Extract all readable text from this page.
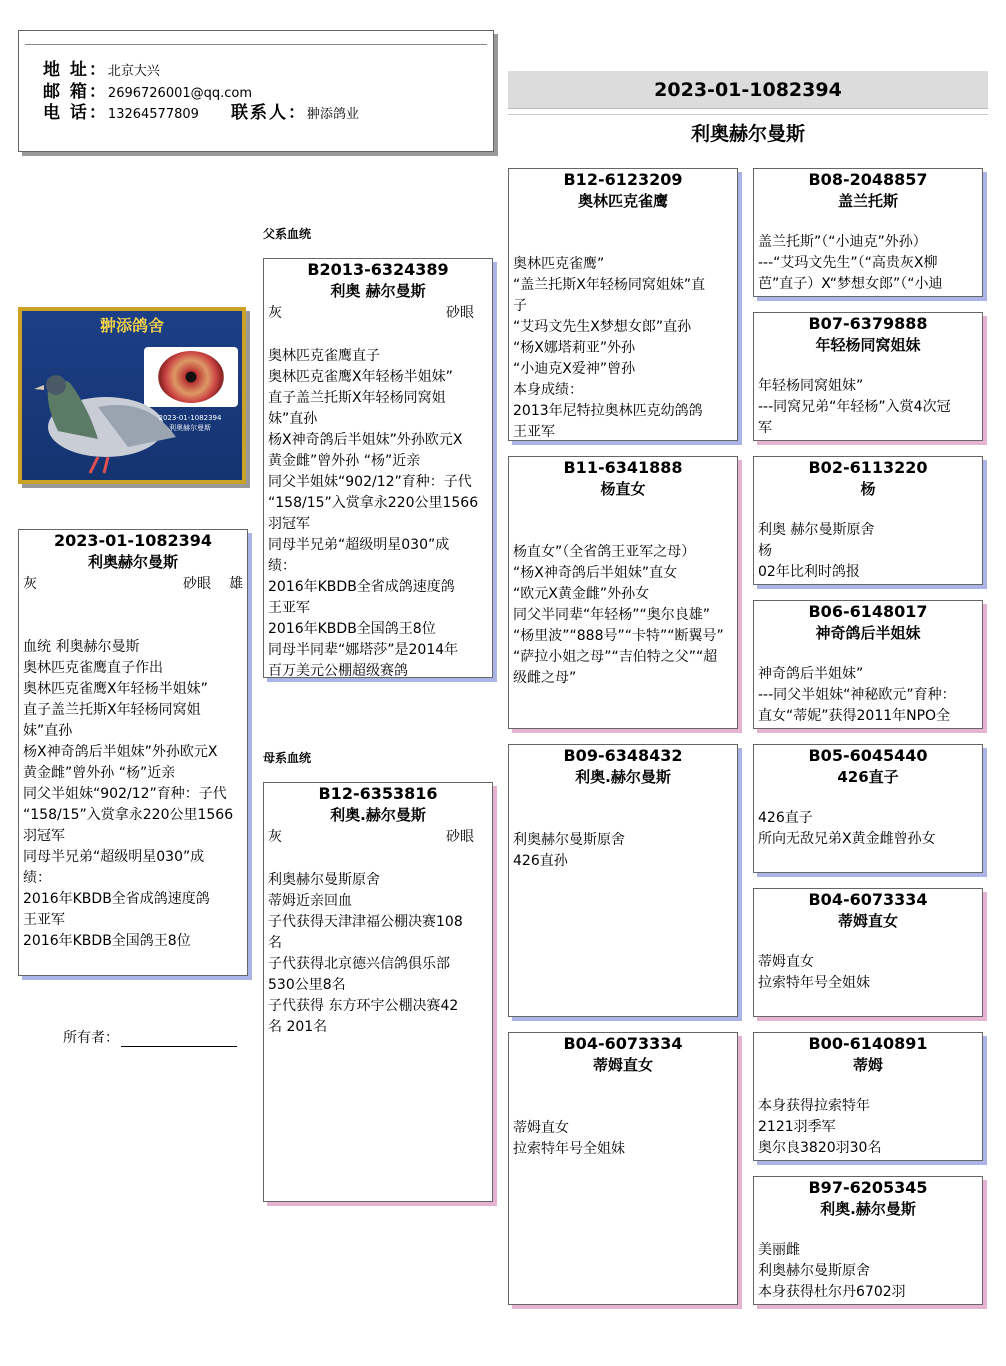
地 址：北京大兴
邮 箱：2696726001@qq.com
电 话：13264577809 联系人：翀添鸽业
2023-01-1082394
利奥赫尔曼斯
父系血统
母系血统
翀添鸽舍
2023-01-1082394
利奥赫尔曼斯
2023-01-1082394
利奥赫尔曼斯
灰	砂眼 雄
血统 利奥赫尔曼斯
奥林匹克雀鹰直子作出
奥林匹克雀鹰X年轻杨半姐妹”
直子盖兰托斯X年轻杨同窝姐
妹”直孙
杨X神奇鸽后半姐妹”外孙欧元X
黄金雌”曾外孙 “杨”近亲
同父半姐妹“902/12”育种：子代
“158/15”入赏拿永220公里1566
羽冠军
同母半兄弟“超级明星030”成
绩：
2016年KBDB全省成鸽速度鸽
王亚军
2016年KBDB全国鸽王8位
所有者：
B2013-6324389
利奥 赫尔曼斯
灰	砂眼
奥林匹克雀鹰直子
奥林匹克雀鹰X年轻杨半姐妹”
直子盖兰托斯X年轻杨同窝姐
妹”直孙
杨X神奇鸽后半姐妹”外孙欧元X
黄金雌”曾外孙 “杨”近亲
同父半姐妹“902/12”育种：子代
“158/15”入赏拿永220公里1566
羽冠军
同母半兄弟“超级明星030”成
绩：
2016年KBDB全省成鸽速度鸽
王亚军
2016年KBDB全国鸽王8位
同母半同辈“娜塔莎”是2014年
百万美元公棚超级赛鸽
B12-6353816
利奥.赫尔曼斯
灰	砂眼
利奥赫尔曼斯原舍
蒂姆近亲回血
子代获得天津津福公棚决赛108
名
子代获得北京德兴信鸽俱乐部
530公里8名
子代获得 东方环宇公棚决赛42
名 201名
B12-6123209
奥林匹克雀鹰
奥林匹克雀鹰”
“盖兰托斯X年轻杨同窝姐妹”直
子
“艾玛文先生X梦想女郎”直孙
“杨X娜塔莉亚”外孙
“小迪克X爱神”曾孙
本身成绩：
2013年尼特拉奥林匹克幼鸽鸽
王亚军
B11-6341888
杨直女
杨直女”（全省鸽王亚军之母）
“杨X神奇鸽后半姐妹”直女
“欧元X黄金雌”外孙女
同父半同辈“年轻杨”“奥尔良雄”
“杨里波”“888号”“卡特”“断翼号”
“萨拉小姐之母”“吉伯特之父”“超
级雌之母”
B09-6348432
利奥.赫尔曼斯
利奥赫尔曼斯原舍
426直孙
B04-6073334
蒂姆直女
蒂姆直女
拉索特年号全姐妹
B08-2048857
盖兰托斯
盖兰托斯”（“小迪克”外孙）
---“艾玛文先生”（“高贵灰X柳
芭”直子）X“梦想女郎”（“小迪
B07-6379888
年轻杨同窝姐妹
年轻杨同窝姐妹”
---同窝兄弟“年轻杨”入赏4次冠
军
B02-6113220
杨
利奥 赫尔曼斯原舍
杨
02年比利时鸽报
B06-6148017
神奇鸽后半姐妹
神奇鸽后半姐妹”
---同父半姐妹“神秘欧元”育种：
直女“蒂妮”获得2011年NPO全
B05-6045440
426直子
426直子
所向无敌兄弟X黄金雌曾孙女
B04-6073334
蒂姆直女
蒂姆直女
拉索特年号全姐妹
B00-6140891
蒂姆
本身获得拉索特年
2121羽季军
奥尔良3820羽30名
B97-6205345
利奥.赫尔曼斯
美丽雌
利奥赫尔曼斯原舍
本身获得杜尔丹6702羽
